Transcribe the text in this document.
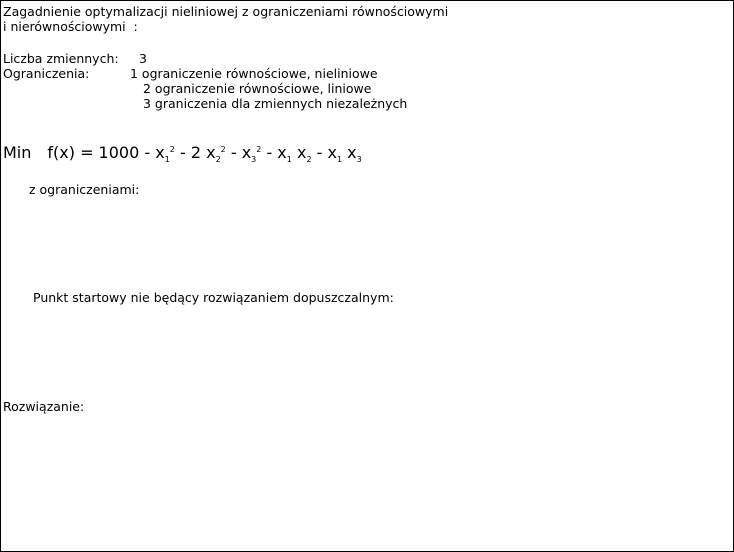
Zagadnienie optymalizacji nieliniowej z ograniczeniami równościowymi
i nierównościowymi  :
Liczba zmiennych: 3
Ograniczenia:	1 ograniczenie równościowe, nieliniowe
2 ograniczenie równościowe, liniowe
3 graniczenia dla zmiennych niezależnych
Min $f(x) = 1000 - x_1^2 - 2$ $x_2^2 - x_3^2 - x_1$ $x_2 - x_1$ $x_3$
z ograniczeniami:
Punkt startowy nie będący rozwiązaniem dopuszczalnym:
Rozwiązanie:
